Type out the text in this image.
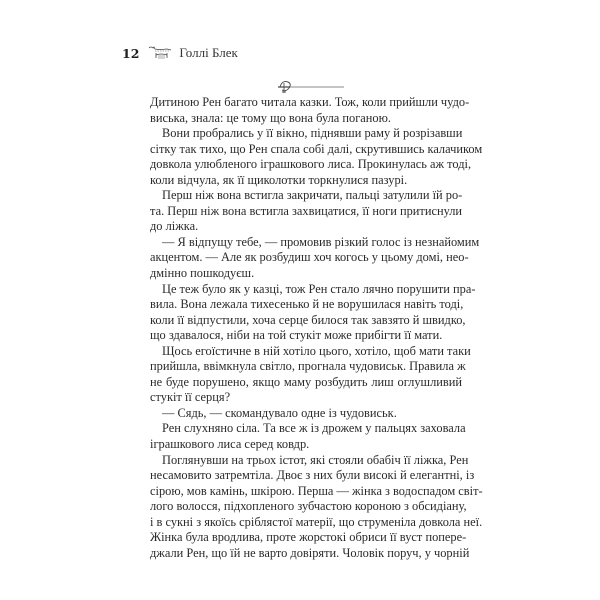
12	Голлі Блек
Дитиною Рен багато читала казки. Тож, коли прийшли чудо-
виська, знала: це тому що вона була поганою.
Вони пробрались у її вікно, піднявши раму й розрізавши
сітку так тихо, що Рен спала собі далі, скрутившись калачиком
довкола улюбленого іграшкового лиса. Прокинулась аж тоді,
коли відчула, як її щиколотки торкнулися пазурі.
Перш ніж вона встигла закричати, пальці затулили їй ро-
та. Перш ніж вона встигла захвицатися, її ноги притиснули
до ліжка.
— Я відпущу тебе, — промовив різкий голос із незнайомим
акцентом. — Але як розбудиш хоч когось у цьому домі, нео-
дмінно пошкодуєш.
Це теж було як у казці, тож Рен стало лячно порушити пра-
вила. Вона лежала тихесенько й не ворушилася навіть тоді,
коли її відпустили, хоча серце билося так завзято й швидко,
що здавалося, ніби на той стукіт може прибігти її мати.
Щось егоїстичне в ній хотіло цього, хотіло, щоб мати таки
прийшла, ввімкнула світло, прогнала чудовиськ. Правила ж
не буде порушено, якщо маму розбудить лиш оглушливий
стукіт її серця?
— Сядь, — скомандувало одне із чудовиськ.
Рен слухняно сіла. Та все ж із дрожем у пальцях заховала
іграшкового лиса серед ковдр.
Поглянувши на трьох істот, які стояли обабіч її ліжка, Рен
несамовито затремтіла. Двоє з них були високі й елегантні, із
сірою, мов камінь, шкірою. Перша — жінка з водоспадом світ-
лого волосся, підхопленого зубчастою короною з обсидіану,
і в сукні з якоїсь сріблястої матерії, що струменіла довкола неї.
Жінка була вродлива, проте жорстокі обриси її вуст попере-
джали Рен, що їй не варто довіряти. Чоловік поруч, у чорній
